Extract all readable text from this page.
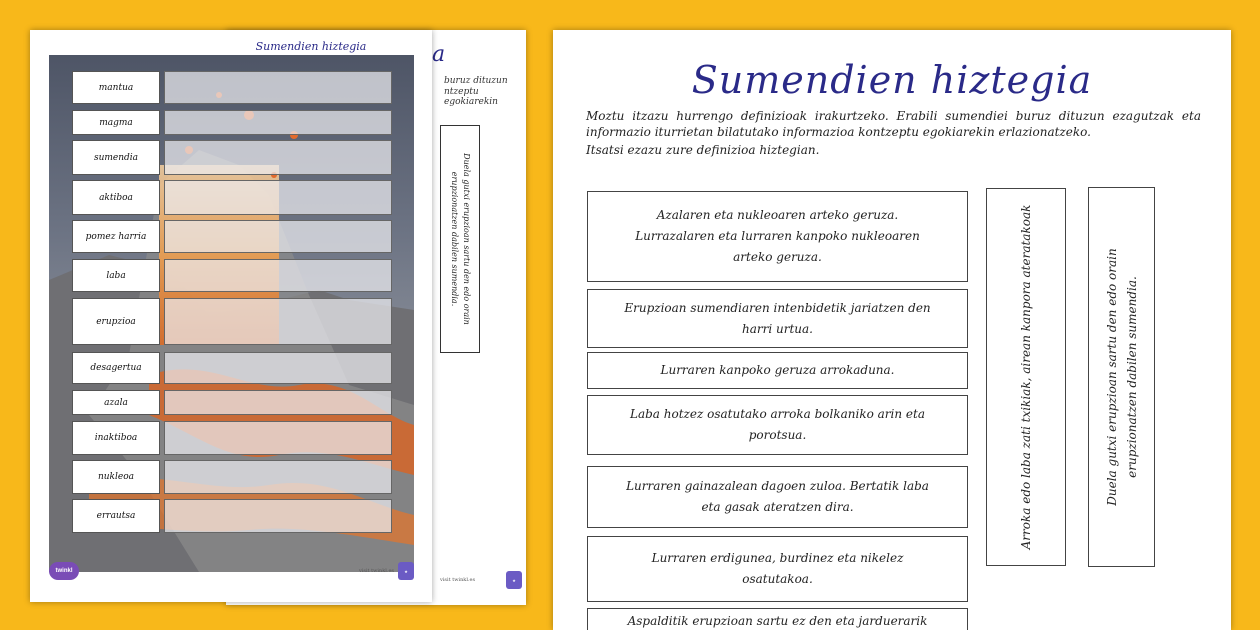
a
buruz dituzun
ntzeptu egokiarekin
Duela gutxi erupzioan sartu den edo orain erupzionatzen dabilen sumendia.
visit twinkl.es	★
Sumendien hiztegia
mantua
magma
sumendia
aktiboa
pomez harria
laba
erupzioa
desagertua
azala
inaktiboa
nukleoa
errautsa
twinkl	visit twinkl.es	★
Sumendien hiztegia

Moztu itzazu hurrengo definizioak irakurtzeko. Erabili sumendiei buruz dituzun ezagutzak eta informazio iturrietan bilatutako informazioa kontzeptu egokiarekin erlazionatzeko.

Itsatsi ezazu zure definizioa hiztegian.

Azalaren eta nukleoaren arteko geruza. Lurrazalaren eta lurraren kanpoko nukleoaren arteko geruza.
Erupzioan sumendiaren intenbidetik jariatzen den harri urtua.
Lurraren kanpoko geruza arrokaduna.
Laba hotzez osatutako arroka bolkaniko arin eta porotsua.
Lurraren gainazalean dagoen zuloa. Bertatik laba eta gasak ateratzen dira.
Lurraren erdigunea, burdinez eta nikelez osatutakoa.
Aspalditik erupzioan sartu ez den eta jarduerarik
Arroka edo laba zati txikiak, airean kanpora ateratakoak	Duela gutxi erupzioan sartu den edo orain erupzionatzen dabilen sumendia.
